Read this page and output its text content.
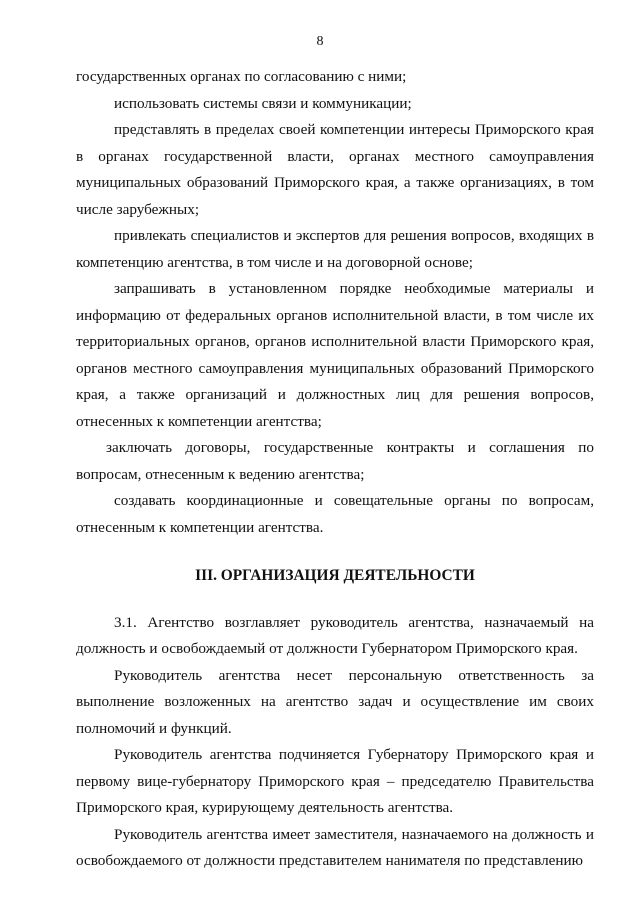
8

государственных органах по согласованию с ними;

использовать системы связи и коммуникации;

представлять в пределах своей компетенции интересы Приморского края в органах государственной власти, органах местного самоуправления муниципальных образований Приморского края, а также организациях, в том числе зарубежных;

привлекать специалистов и экспертов для решения вопросов, входящих в компетенцию агентства, в том числе и на договорной основе;

запрашивать в установленном порядке необходимые материалы и информацию от федеральных органов исполнительной власти, в том числе их территориальных органов, органов исполнительной власти Приморского края, органов местного самоуправления муниципальных образований Приморского края, а также организаций и должностных лиц для решения вопросов, отнесенных к компетенции агентства;

заключать договоры, государственные контракты и соглашения по вопросам, отнесенным к ведению агентства;

создавать координационные и совещательные органы по вопросам, отнесенным к компетенции агентства.

III. ОРГАНИЗАЦИЯ ДЕЯТЕЛЬНОСТИ

3.1. Агентство возглавляет руководитель агентства, назначаемый на должность и освобождаемый от должности Губернатором Приморского края.

Руководитель агентства несет персональную ответственность за выполнение возложенных на агентство задач и осуществление им своих полномочий и функций.

Руководитель агентства подчиняется Губернатору Приморского края и первому вице-губернатору Приморского края – председателю Правительства Приморского края, курирующему деятельность агентства.

Руководитель агентства имеет заместителя, назначаемого на должность и освобождаемого от должности представителем нанимателя по представлению
